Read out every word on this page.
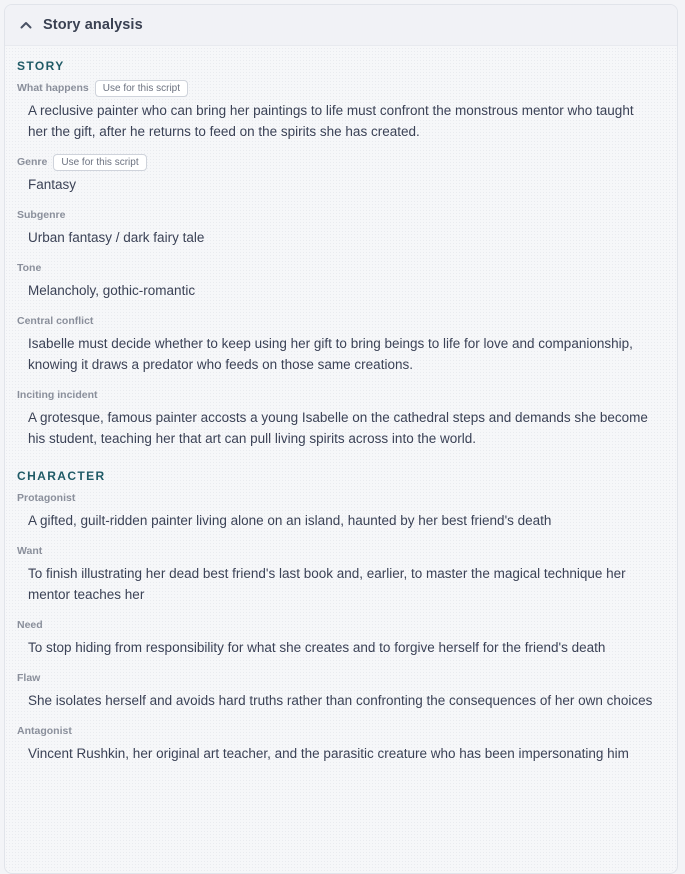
Story analysis
STORY
What happens	Use for this script
A reclusive painter who can bring her paintings to life must confront the monstrous mentor who taught her the gift, after he returns to feed on the spirits she has created.
Genre	Use for this script
Fantasy
Subgenre
Urban fantasy / dark fairy tale
Tone
Melancholy, gothic-romantic
Central conflict
Isabelle must decide whether to keep using her gift to bring beings to life for love and companionship, knowing it draws a predator who feeds on those same creations.
Inciting incident
A grotesque, famous painter accosts a young Isabelle on the cathedral steps and demands she become his student, teaching her that art can pull living spirits across into the world.
CHARACTER
Protagonist
A gifted, guilt-ridden painter living alone on an island, haunted by her best friend's death
Want
To finish illustrating her dead best friend's last book and, earlier, to master the magical technique her mentor teaches her
Need
To stop hiding from responsibility for what she creates and to forgive herself for the friend's death
Flaw
She isolates herself and avoids hard truths rather than confronting the consequences of her own choices
Antagonist
Vincent Rushkin, her original art teacher, and the parasitic creature who has been impersonating him
